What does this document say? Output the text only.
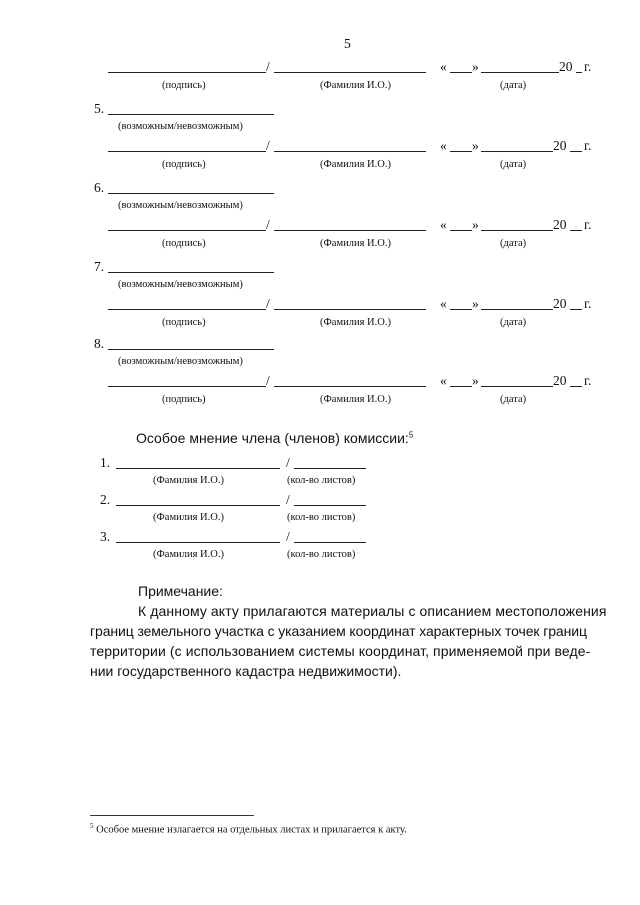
5
/	« »	20 г.
(подпись)	(Фамилия И.О.)	(дата)
5.
(возможным/невозможным)
/	« »	20 г.
(подпись)	(Фамилия И.О.)	(дата)
6.
(возможным/невозможным)
/	« »	20 г.
(подпись)	(Фамилия И.О.)	(дата)
7.
(возможным/невозможным)
/	« »	20 г.
(подпись)	(Фамилия И.О.)	(дата)
8.
(возможным/невозможным)
/	« »	20 г.
(подпись)	(Фамилия И.О.)	(дата)
Особое мнение члена (членов) комиссии:$^5$
1.	/
(Фамилия И.О.)	(кол-во листов)
2.	/
(Фамилия И.О.)	(кол-во листов)
3.	/
(Фамилия И.О.)	(кол-во листов)
Примечание:
К данному акту прилагаются материалы с описанием местоположения
границ земельного участка с указанием координат характерных точек границ
территории (с использованием системы координат, применяемой при веде-
нии государственного кадастра недвижимости).
$^5$ Особое мнение излагается на отдельных листах и прилагается к акту.
